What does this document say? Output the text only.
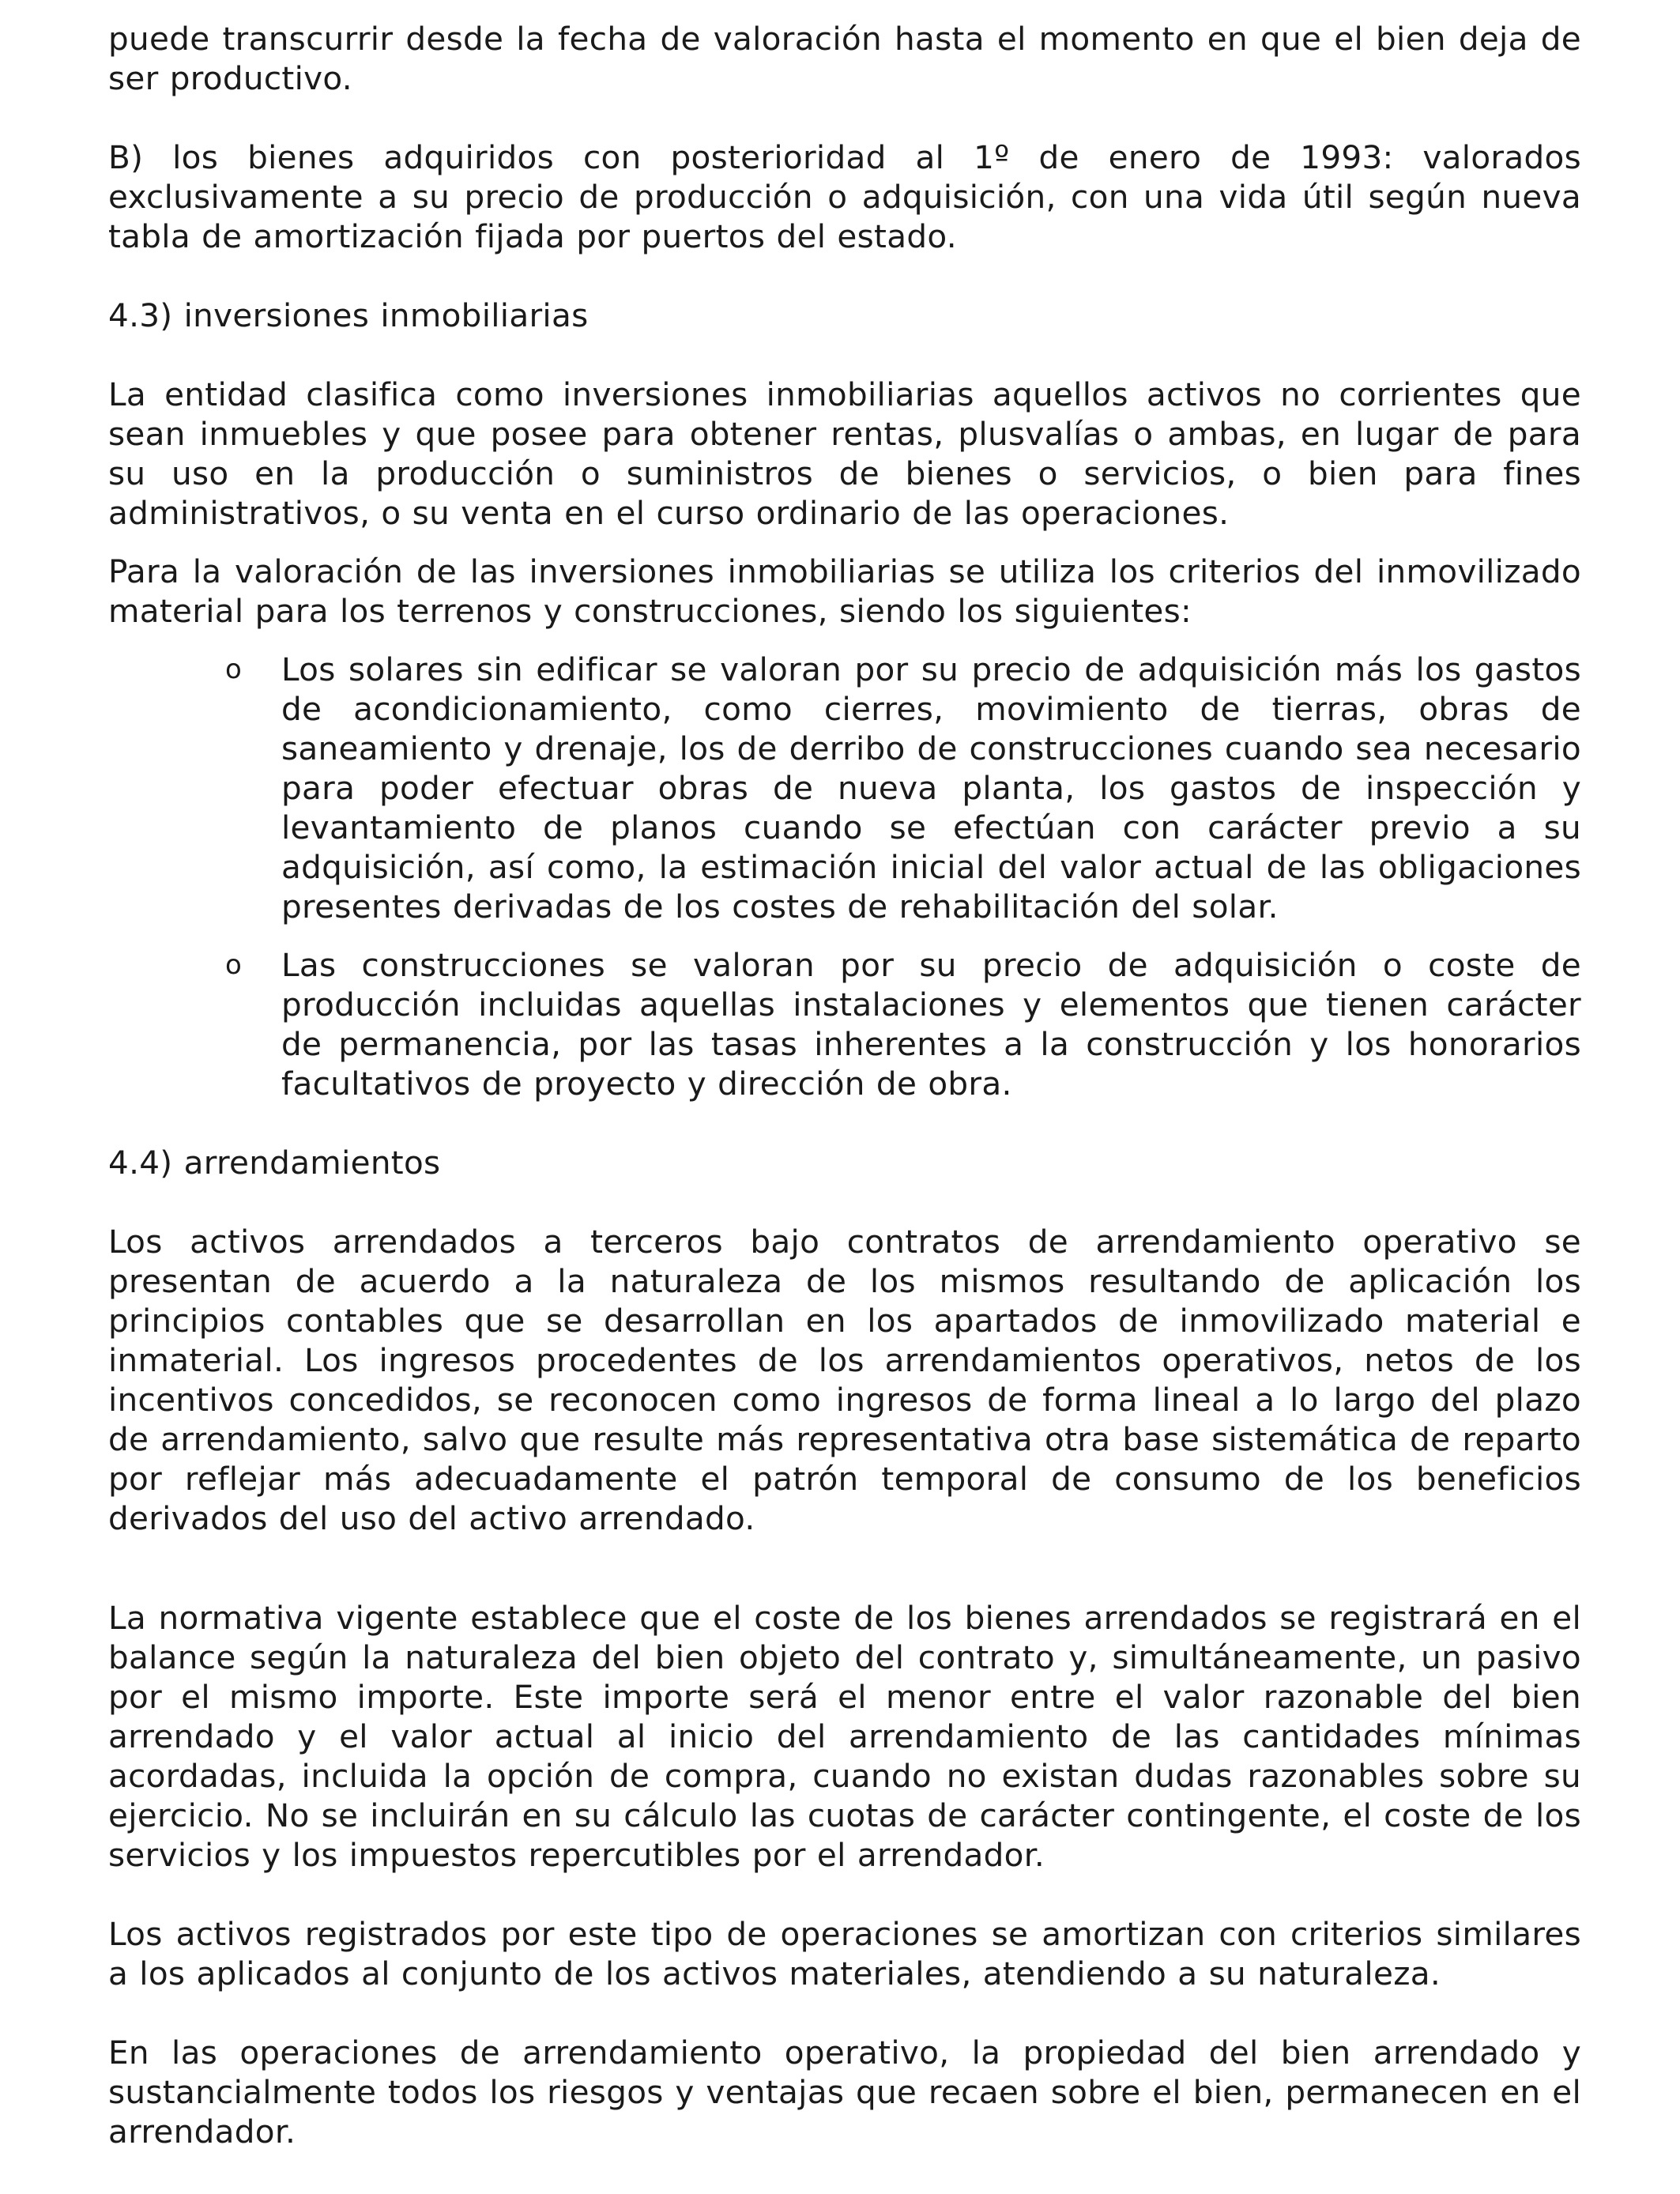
puede transcurrir desde la fecha de valoración hasta el momento en que el bien deja de ser productivo.

B) los bienes adquiridos con posterioridad al 1º de enero de 1993: valorados exclusivamente a su precio de producción o adquisición, con una vida útil según nueva tabla de amortización fijada por puertos del estado.

4.3) inversiones inmobiliarias

La entidad clasifica como inversiones inmobiliarias aquellos activos no corrientes que sean inmuebles y que posee para obtener rentas, plusvalías o ambas, en lugar de para su uso en la producción o suministros de bienes o servicios, o bien para fines administrativos, o su venta en el curso ordinario de las operaciones.

Para la valoración de las inversiones inmobiliarias se utiliza los criterios del inmovilizado material para los terrenos y construcciones, siendo los siguientes:

o Los solares sin edificar se valoran por su precio de adquisición más los gastos de acondicionamiento, como cierres, movimiento de tierras, obras de saneamiento y drenaje, los de derribo de construcciones cuando sea necesario para poder efectuar obras de nueva planta, los gastos de inspección y levantamiento de planos cuando se efectúan con carácter previo a su adquisición, así como, la estimación inicial del valor actual de las obligaciones presentes derivadas de los costes de rehabilitación del solar.
o Las construcciones se valoran por su precio de adquisición o coste de producción incluidas aquellas instalaciones y elementos que tienen carácter de permanencia, por las tasas inherentes a la construcción y los honorarios facultativos de proyecto y dirección de obra.

4.4) arrendamientos

Los activos arrendados a terceros bajo contratos de arrendamiento operativo se presentan de acuerdo a la naturaleza de los mismos resultando de aplicación los principios contables que se desarrollan en los apartados de inmovilizado material e inmaterial. Los ingresos procedentes de los arrendamientos operativos, netos de los incentivos concedidos, se reconocen como ingresos de forma lineal a lo largo del plazo de arrendamiento, salvo que resulte más representativa otra base sistemática de reparto por reflejar más adecuadamente el patrón temporal de consumo de los beneficios derivados del uso del activo arrendado.

La normativa vigente establece que el coste de los bienes arrendados se registrará en el balance según la naturaleza del bien objeto del contrato y, simultáneamente, un pasivo por el mismo importe. Este importe será el menor entre el valor razonable del bien arrendado y el valor actual al inicio del arrendamiento de las cantidades mínimas acordadas, incluida la opción de compra, cuando no existan dudas razonables sobre su ejercicio. No se incluirán en su cálculo las cuotas de carácter contingente, el coste de los servicios y los impuestos repercutibles por el arrendador.

Los activos registrados por este tipo de operaciones se amortizan con criterios similares a los aplicados al conjunto de los activos materiales, atendiendo a su naturaleza.

En las operaciones de arrendamiento operativo, la propiedad del bien arrendado y sustancialmente todos los riesgos y ventajas que recaen sobre el bien, permanecen en el arrendador.
